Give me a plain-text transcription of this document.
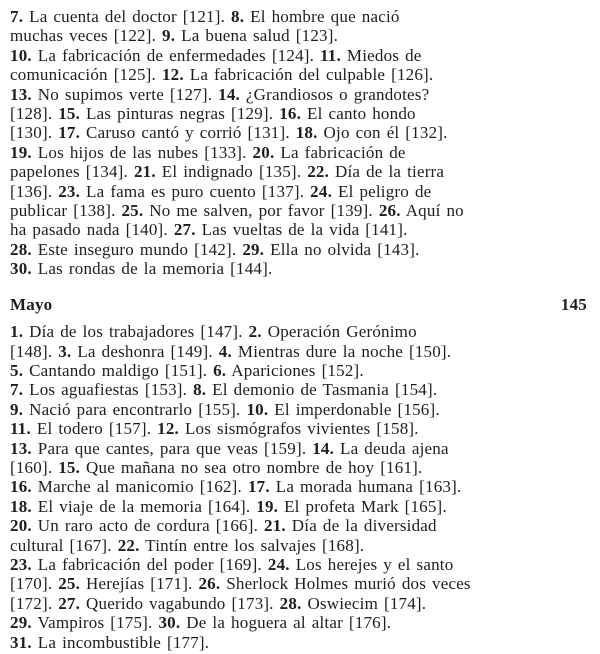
7. La cuenta del doctor [121]. 8. El hombre que nació
muchas veces [122]. 9. La buena salud [123].
10. La fabricación de enfermedades [124]. 11. Miedos de
comunicación [125]. 12. La fabricación del culpable [126].
13. No supimos verte [127]. 14. ¿Grandiosos o grandotes?
[128]. 15. Las pinturas negras [129]. 16. El canto hondo
[130]. 17. Caruso cantó y corrió [131]. 18. Ojo con él [132].
19. Los hijos de las nubes [133]. 20. La fabricación de
papelones [134]. 21. El indignado [135]. 22. Día de la tierra
[136]. 23. La fama es puro cuento [137]. 24. El peligro de
publicar [138]. 25. No me salven, por favor [139]. 26. Aquí no
ha pasado nada [140]. 27. Las vueltas de la vida [141].
28. Este inseguro mundo [142]. 29. Ella no olvida [143].
30. Las rondas de la memoria [144].
Mayo	145
1. Día de los trabajadores [147]. 2. Operación Gerónimo
[148]. 3. La deshonra [149]. 4. Mientras dure la noche [150].
5. Cantando maldigo [151]. 6. Apariciones [152].
7. Los aguafiestas [153]. 8. El demonio de Tasmania [154].
9. Nació para encontrarlo [155]. 10. El imperdonable [156].
11. El todero [157]. 12. Los sismógrafos vivientes [158].
13. Para que cantes, para que veas [159]. 14. La deuda ajena
[160]. 15. Que mañana no sea otro nombre de hoy [161].
16. Marche al manicomio [162]. 17. La morada humana [163].
18. El viaje de la memoria [164]. 19. El profeta Mark [165].
20. Un raro acto de cordura [166]. 21. Día de la diversidad
cultural [167]. 22. Tintín entre los salvajes [168].
23. La fabricación del poder [169]. 24. Los herejes y el santo
[170]. 25. Herejías [171]. 26. Sherlock Holmes murió dos veces
[172]. 27. Querido vagabundo [173]. 28. Oswiecim [174].
29. Vampiros [175]. 30. De la hoguera al altar [176].
31. La incombustible [177].
